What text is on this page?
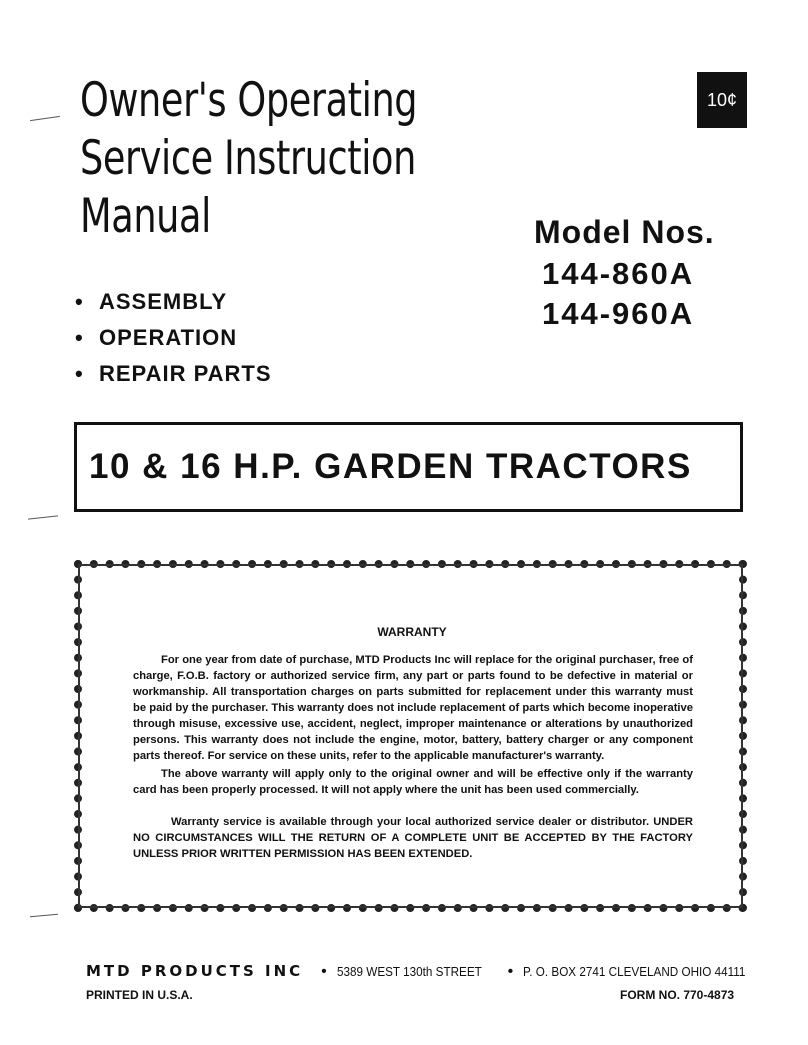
Owner's Operating
Service Instruction
Manual
10¢
Model Nos.
144-860A
144-960A
• ASSEMBLY
• OPERATION
• REPAIR PARTS
10 & 16 H.P. GARDEN TRACTORS
WARRANTY

For one year from date of purchase, MTD Products Inc will replace for the original purchaser, free of charge, F.O.B. factory or authorized service firm, any part or parts found to be defective in material or workmanship. All transportation charges on parts submitted for replacement under this warranty must be paid by the purchaser. This warranty does not include replacement of parts which become inoperative through misuse, excessive use, accident, neglect, improper maintenance or alterations by unauthorized persons. This warranty does not include the engine, motor, battery, battery charger or any component parts thereof. For service on these units, refer to the applicable manufacturer's warranty.

The above warranty will apply only to the original owner and will be effective only if the warranty card has been properly processed. It will not apply where the unit has been used commercially.

Warranty service is available through your local authorized service dealer or distributor. UNDER NO CIRCUMSTANCES WILL THE RETURN OF A COMPLETE UNIT BE ACCEPTED BY THE FACTORY UNLESS PRIOR WRITTEN PERMISSION HAS BEEN EXTENDED.

MTD PRODUCTS INC • 5389 WEST 130th STREET • P. O. BOX 2741 CLEVELAND OHIO 44111
PRINTED IN U.S.A.	FORM NO. 770-4873
